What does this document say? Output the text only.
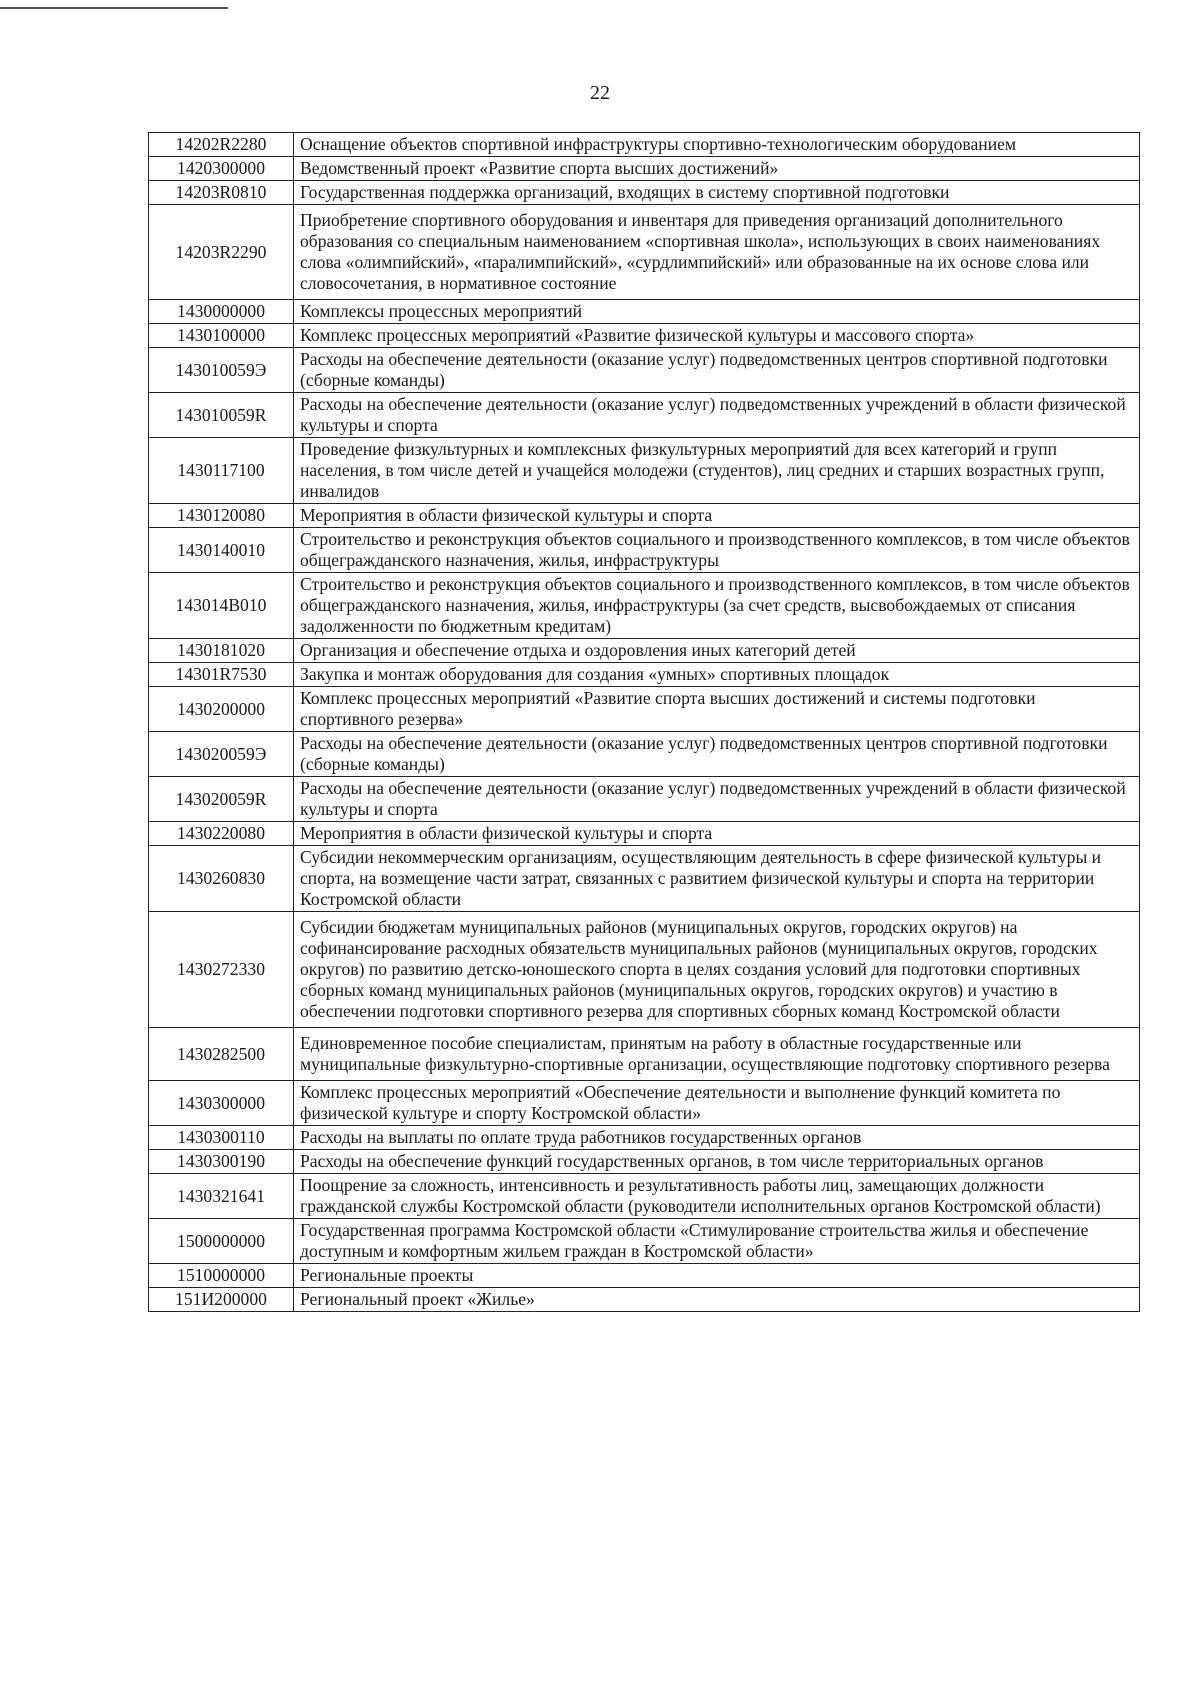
22
14202R2280	Оснащение объектов спортивной инфраструктуры спортивно-технологическим оборудованием
1420300000	Ведомственный проект «Развитие спорта высших достижений»
14203R0810	Государственная поддержка организаций, входящих в систему спортивной подготовки
14203R2290	Приобретение спортивного оборудования и инвентаря для приведения организаций дополнительного образования со специальным наименованием «спортивная школа», использующих в своих наименованиях слова «олимпийский», «паралимпийский», «сурдлимпийский» или образованные на их основе слова или словосочетания, в нормативное состояние
1430000000	Комплексы процессных мероприятий
1430100000	Комплекс процессных мероприятий «Развитие физической культуры и массового спорта»
143010059Э	Расходы на обеспечение деятельности (оказание услуг) подведомственных центров спортивной подготовки (сборные команды)
143010059R	Расходы на обеспечение деятельности (оказание услуг) подведомственных учреждений в области физической культуры и спорта
1430117100	Проведение физкультурных и комплексных физкультурных мероприятий для всех категорий и групп населения, в том числе детей и учащейся молодежи (студентов), лиц средних и старших возрастных групп, инвалидов
1430120080	Мероприятия в области физической культуры и спорта
1430140010	Строительство и реконструкция объектов социального и производственного комплексов, в том числе объектов общегражданского назначения, жилья, инфраструктуры
143014В010	Строительство и реконструкция объектов социального и производственного комплексов, в том числе объектов общегражданского назначения, жилья, инфраструктуры (за счет средств, высвобождаемых от списания задолженности по бюджетным кредитам)
1430181020	Организация и обеспечение отдыха и оздоровления иных категорий детей
14301R7530	Закупка и монтаж оборудования для создания «умных» спортивных площадок
1430200000	Комплекс процессных мероприятий «Развитие спорта высших достижений и системы подготовки спортивного резерва»
143020059Э	Расходы на обеспечение деятельности (оказание услуг) подведомственных центров спортивной подготовки (сборные команды)
143020059R	Расходы на обеспечение деятельности (оказание услуг) подведомственных учреждений в области физической культуры и спорта
1430220080	Мероприятия в области физической культуры и спорта
1430260830	Субсидии некоммерческим организациям, осуществляющим деятельность в сфере физической культуры и спорта, на возмещение части затрат, связанных с развитием физической культуры и спорта на территории Костромской области
1430272330	Субсидии бюджетам муниципальных районов (муниципальных округов, городских округов) на софинансирование расходных обязательств муниципальных районов (муниципальных округов, городских округов) по развитию детско-юношеского спорта в целях создания условий для подготовки спортивных сборных команд муниципальных районов (муниципальных округов, городских округов) и участию в обеспечении подготовки спортивного резерва для спортивных сборных команд Костромской области
1430282500	Единовременное пособие специалистам, принятым на работу в областные государственные или муниципальные физкультурно-спортивные организации, осуществляющие подготовку спортивного резерва
1430300000	Комплекс процессных мероприятий «Обеспечение деятельности и выполнение функций комитета по физической культуре и спорту Костромской области»
1430300110	Расходы на выплаты по оплате труда работников государственных органов
1430300190	Расходы на обеспечение функций государственных органов, в том числе территориальных органов
1430321641	Поощрение за сложность, интенсивность и результативность работы лиц, замещающих должности гражданской службы Костромской области (руководители исполнительных органов Костромской области)
1500000000	Государственная программа Костромской области «Стимулирование строительства жилья и обеспечение доступным и комфортным жильем граждан в Костромской области»
1510000000	Региональные проекты
151И200000	Региональный проект «Жилье»
